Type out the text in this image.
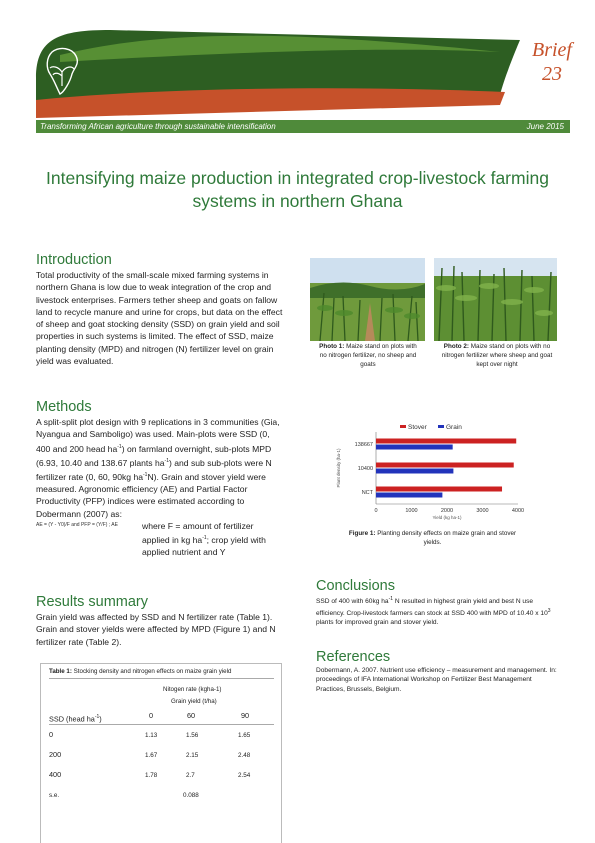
Africa RISING	Brief
23
Transforming African agriculture through sustainable intensification	June 2015
Intensifying maize production in integrated crop-livestock farming systems in northern Ghana
Introduction
Total productivity of the small-scale mixed farming systems in northern Ghana is low due to weak integration of the crop and livestock enterprises. Farmers tether sheep and goats on fallow land to recycle manure and urine for crops, but data on the effect of sheep and goat stocking density (SSD) on grain yield and soil properties in such systems is limited. The effect of SSD, maize planting density (MPD) and nitrogen (N) fertilizer level on grain yield was evaluated.
Photo 1: Maize stand on plots with no nitrogen fertilizer, no sheep and goats
Photo 2: Maize stand on plots with no nitrogen fertilizer where sheep and goat kept over night
Methods
A split-split plot design with 9 replications in 3 communities (Gia, Nyangua and Samboligo) was used. Main-plots were SSD (0, 400 and 200 head $ha^{-1}$) on farmland overnight, sub-plots MPD (6.93, 10.40 and 138.67 plants $ha^{-1}$) and sub sub-plots were N fertilizer rate (0, 60, 90kg $ha^{-1}N$). Grain and stover yield were measured. Agronomic efficiency (AE) and Partial Factor Productivity (PFP) indices were estimated according to Dobermann (2007) as:
AE = (Y - Y0)/F and PFP = (Y/F) ; AE	where F = amount of fertilizer applied in kg $ha^{-1}$; crop yield with applied nutrient and Y
Stover	Grain
0	1000	2000	3000	4000
Yield (kg ha-1)
Plant density (ha-1)
NCT
10400
138667
Figure 1: Planting density effects on maize grain and stover yields.
Results summary
Grain yield was affected by SSD and N fertilizer rate (Table 1). Grain and stover yields were affected by MPD (Figure 1) and N fertilizer rate (Table 2).
Conclusions
SSD of 400 with 60kg $ha^{-1}$ N resulted in highest grain yield and best N use efficiency. Crop-livestock farmers can stock at SSD 400 with MPD of 10.40 x $10^3$ plants for improved grain and stover yield.
References
Dobermann, A. 2007. Nutrient use efficiency – measurement and management. In: proceedings of IFA International Workshop on Fertilizer Best Management Practices, Brussels, Belgium.
Table 1: Stocking density and nitrogen effects on maize grain yield
Nitogen rate (kgha-1)
Grain yield (t/ha)
SSD (head $ha^{-1}$)	0	60	90
0	1.13	1.56	1.65
200	1.67	2.15	2.48
400	1.78	2.7	2.54
s.e.	0.088
